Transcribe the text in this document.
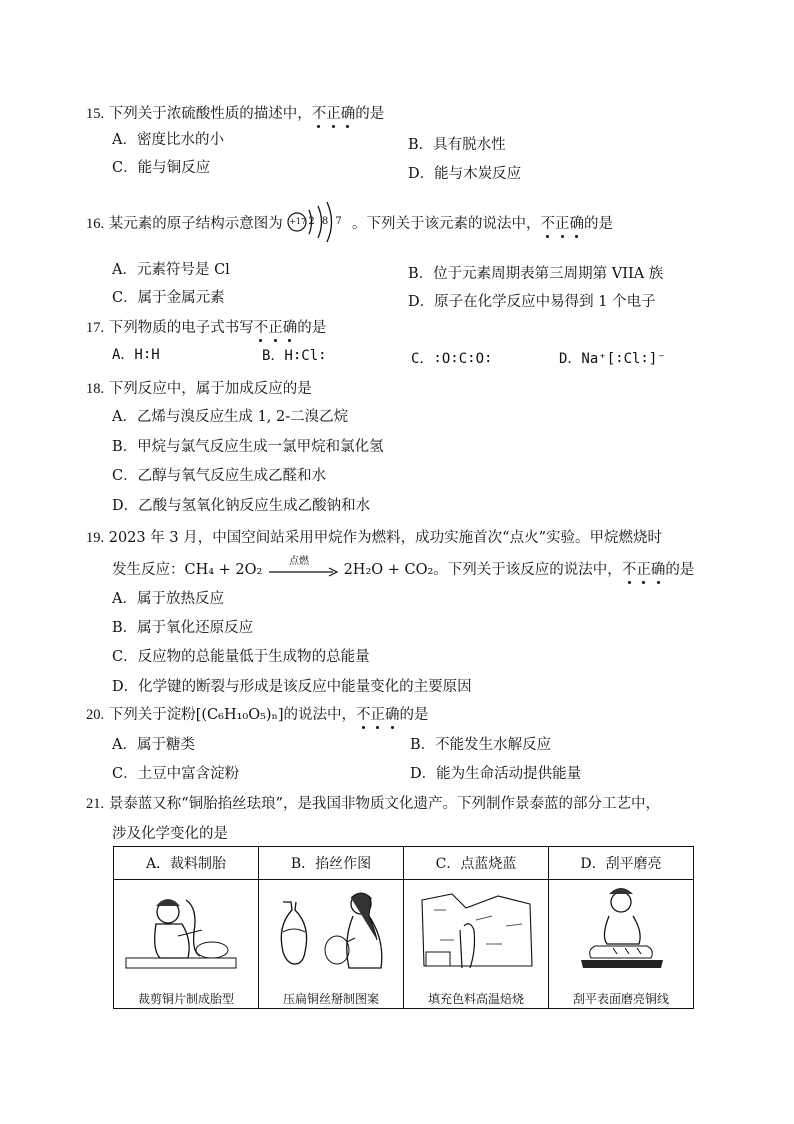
15. 下列关于浓硫酸性质的描述中，不正确的是
A．密度比水的小	B．具有脱水性
C．能与铜反应	D．能与木炭反应
16. 某元素的原子结构示意图为 +17 2 8 7 。下列关于该元素的说法中，不正确的是
A．元素符号是 Cl	B．位于元素周期表第三周期第 VIIA 族
C．属于金属元素	D．原子在化学反应中易得到 1 个电子
17. 下列物质的电子式书写不正确的是
A．H∶H	B．H∶Cl∶	C．∶O∶C∶O∶	D．Na⁺[∶Cl∶]⁻
18. 下列反应中，属于加成反应的是
A．乙烯与溴反应生成 1, 2-二溴乙烷
B．甲烷与氯气反应生成一氯甲烷和氯化氢
C．乙醇与氧气反应生成乙醛和水
D．乙酸与氢氧化钠反应生成乙酸钠和水
19. 2023 年 3 月，中国空间站采用甲烷作为燃料，成功实施首次“点火”实验。甲烷燃烧时
发生反应：CH₄ + 2O₂
点燃
2H₂O + CO₂。下列关于该反应的说法中，不正确的是
A．属于放热反应
B．属于氧化还原反应
C．反应物的总能量低于生成物的总能量
D．化学键的断裂与形成是该反应中能量变化的主要原因
20. 下列关于淀粉[(C₆H₁₀O₅)ₙ]的说法中，不正确的是
A．属于糖类	B．不能发生水解反应
C．土豆中富含淀粉	D．能为生命活动提供能量
21. 景泰蓝又称“铜胎掐丝珐琅”，是我国非物质文化遗产。下列制作景泰蓝的部分工艺中，
涉及化学变化的是
A．裁料制胎	B．掐丝作图	C．点蓝烧蓝	D．刮平磨亮

裁剪铜片制成胎型	压扁铜丝掰制图案	填充色料高温焙烧	刮平表面磨亮铜线
